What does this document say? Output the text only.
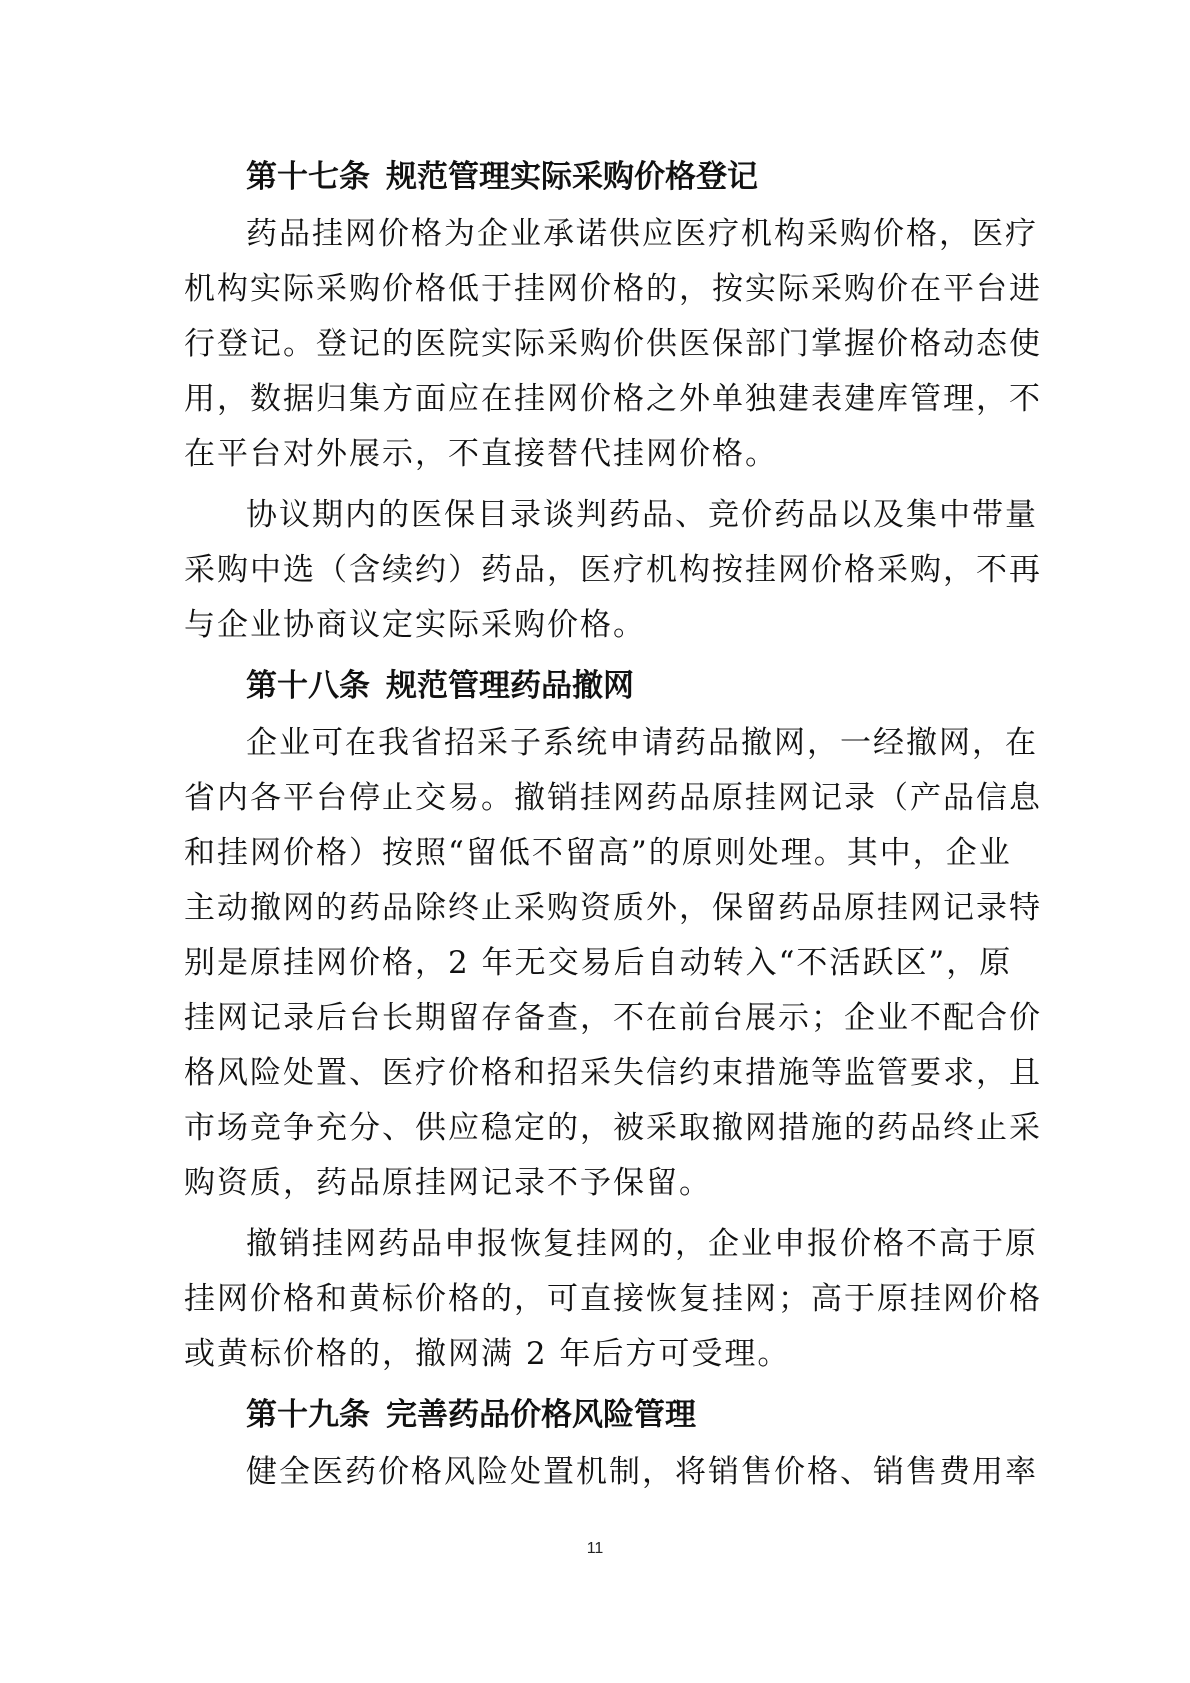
第十七条 规范管理实际采购价格登记
药品挂网价格为企业承诺供应医疗机构采购价格，医疗
机构实际采购价格低于挂网价格的，按实际采购价在平台进
行登记。登记的医院实际采购价供医保部门掌握价格动态使
用，数据归集方面应在挂网价格之外单独建表建库管理，不
在平台对外展示，不直接替代挂网价格。
协议期内的医保目录谈判药品、竞价药品以及集中带量
采购中选（含续约）药品，医疗机构按挂网价格采购，不再
与企业协商议定实际采购价格。
第十八条 规范管理药品撤网
企业可在我省招采子系统申请药品撤网，一经撤网，在
省内各平台停止交易。撤销挂网药品原挂网记录（产品信息
和挂网价格）按照“留低不留高”的原则处理。其中，企业
主动撤网的药品除终止采购资质外，保留药品原挂网记录特
别是原挂网价格，2 年无交易后自动转入“不活跃区”，原
挂网记录后台长期留存备查，不在前台展示；企业不配合价
格风险处置、医疗价格和招采失信约束措施等监管要求，且
市场竞争充分、供应稳定的，被采取撤网措施的药品终止采
购资质，药品原挂网记录不予保留。
撤销挂网药品申报恢复挂网的，企业申报价格不高于原
挂网价格和黄标价格的，可直接恢复挂网；高于原挂网价格
或黄标价格的，撤网满 2 年后方可受理。
第十九条 完善药品价格风险管理
健全医药价格风险处置机制，将销售价格、销售费用率
11
